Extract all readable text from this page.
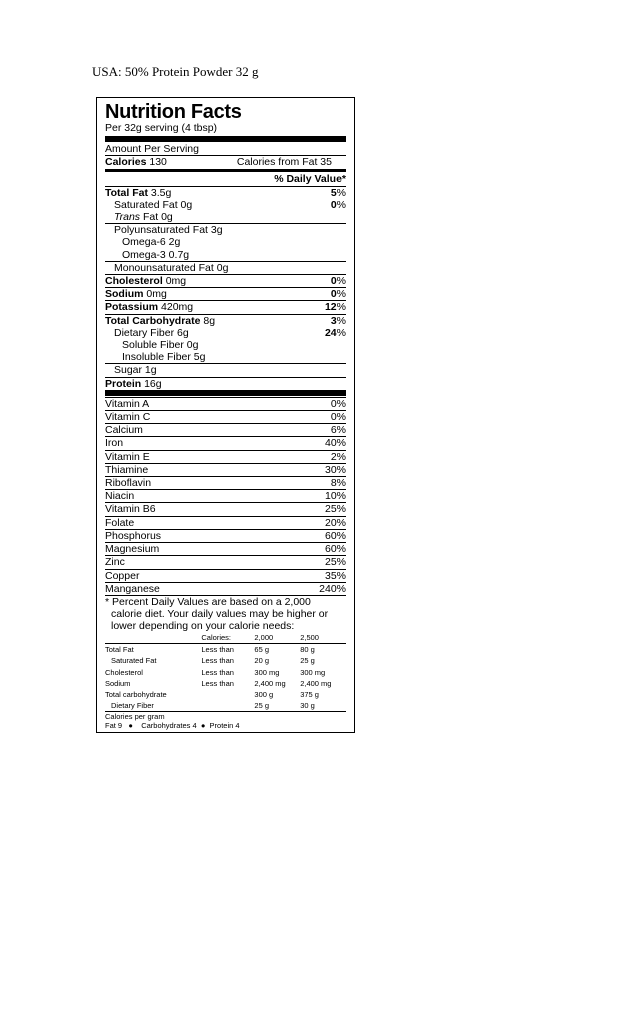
USA: 50% Protein Powder 32 g
Nutrition Facts
Per 32g serving (4 tbsp)
Amount Per Serving
Calories 130	Calories from Fat 35
% Daily Value*
Total Fat 3.5g	5%
Saturated Fat 0g	0%
Trans Fat 0g
Polyunsaturated Fat 3g
Omega-6 2g
Omega-3 0.7g
Monounsaturated Fat 0g
Cholesterol 0mg	0%
Sodium 0mg	0%
Potassium 420mg	12%
Total Carbohydrate 8g	3%
Dietary Fiber 6g	24%
Soluble Fiber 0g
Insoluble Fiber 5g
Sugar 1g
Protein 16g
Vitamin A	0%
Vitamin C	0%
Calcium	6%
Iron	40%
Vitamin E	2%
Thiamine	30%
Riboflavin	8%
Niacin	10%
Vitamin B6	25%
Folate	20%
Phosphorus	60%
Magnesium	60%
Zinc	25%
Copper	35%
Manganese	240%
* Percent Daily Values are based on a 2,000
calorie diet. Your daily values may be higher or
lower depending on your calorie needs:
	Calories:	2,000	2,500
Total Fat	Less than	65 g	80 g
Saturated Fat	Less than	20 g	25 g
Cholesterol	Less than	300 mg	300 mg
Sodium	Less than	2,400 mg	2,400 mg
Total carbohydrate		300 g	375 g
Dietary Fiber		25 g	30 g
Calories per gram
Fat 9   ●    Carbohydrates 4  ●  Protein 4
